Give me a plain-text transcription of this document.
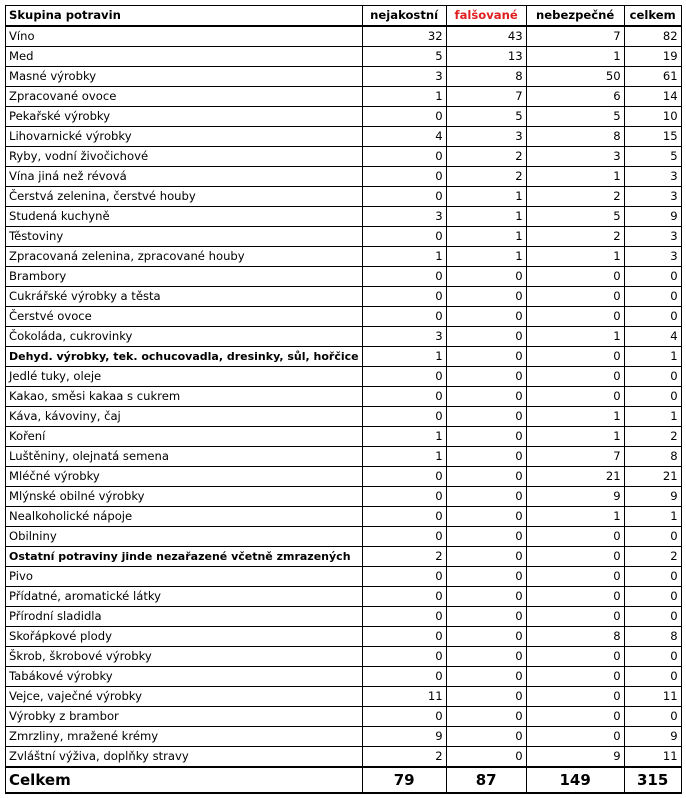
Skupina potravin	nejakostní	falšované	nebezpečné	celkem
Víno	32	43	7	82
Med	5	13	1	19
Masné výrobky	3	8	50	61
Zpracované ovoce	1	7	6	14
Pekařské výrobky	0	5	5	10
Lihovarnické výrobky	4	3	8	15
Ryby, vodní živočichové	0	2	3	5
Vína jiná než révová	0	2	1	3
Čerstvá zelenina, čerstvé houby	0	1	2	3
Studená kuchyně	3	1	5	9
Těstoviny	0	1	2	3
Zpracovaná zelenina, zpracované houby	1	1	1	3
Brambory	0	0	0	0
Cukrářské výrobky a těsta	0	0	0	0
Čerstvé ovoce	0	0	0	0
Čokoláda, cukrovinky	3	0	1	4
Dehyd. výrobky, tek. ochucovadla, dresinky, sůl, hořčice	1	0	0	1
Jedlé tuky, oleje	0	0	0	0
Kakao, směsi kakaa s cukrem	0	0	0	0
Káva, kávoviny, čaj	0	0	1	1
Koření	1	0	1	2
Luštěniny, olejnatá semena	1	0	7	8
Mléčné výrobky	0	0	21	21
Mlýnské obilné výrobky	0	0	9	9
Nealkoholické nápoje	0	0	1	1
Obilniny	0	0	0	0
Ostatní potraviny jinde nezařazené včetně zmrazených	2	0	0	2
Pivo	0	0	0	0
Přídatné, aromatické látky	0	0	0	0
Přírodní sladidla	0	0	0	0
Skořápkové plody	0	0	8	8
Škrob, škrobové výrobky	0	0	0	0
Tabákové výrobky	0	0	0	0
Vejce, vaječné výrobky	11	0	0	11
Výrobky z brambor	0	0	0	0
Zmrzliny, mražené krémy	9	0	0	9
Zvláštní výživa, doplňky stravy	2	0	9	11
Celkem	79	87	149	315
